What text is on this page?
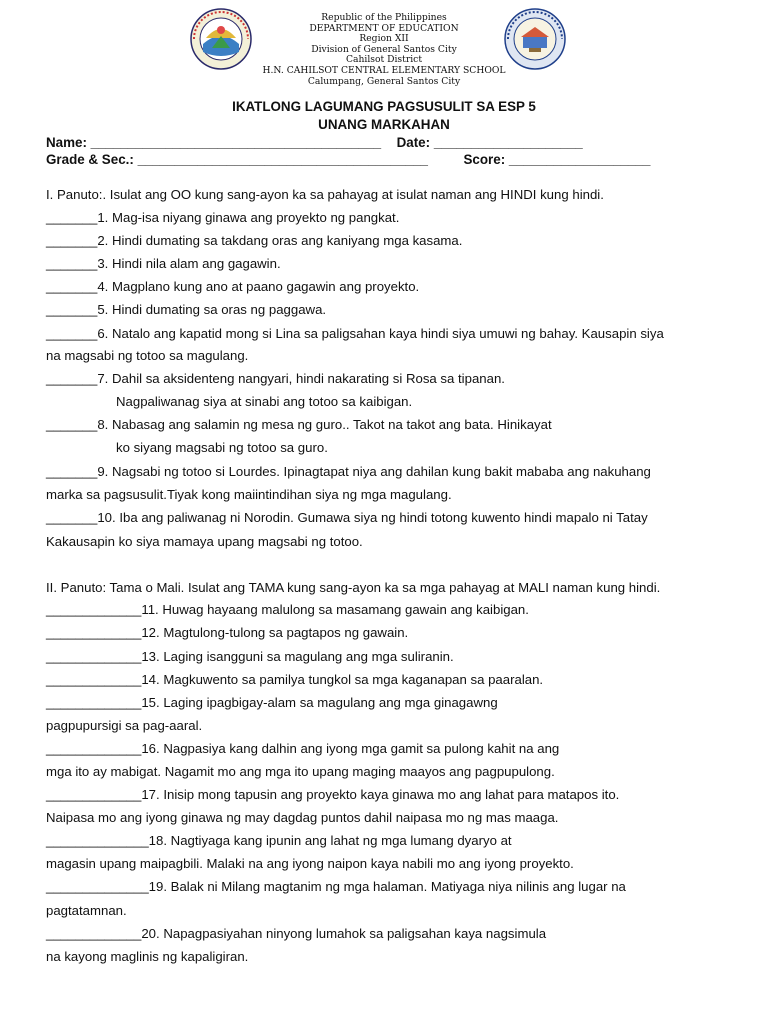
Republic of the Philippines
DEPARTMENT OF EDUCATION
Region XII
Division of General Santos City
Cahilsot District
H.N. CAHILSOT CENTRAL ELEMENTARY SCHOOL
Calumpang, General Santos City
IKATLONG LAGUMANG PAGSUSULIT SA ESP 5
UNANG MARKAHAN
Name: _______________________________________ Date: ____________________
Grade & Sec.: _______________________________________	Score: ___________________
I. Panuto:. Isulat ang OO kung sang-ayon ka sa pahayag at isulat naman ang HINDI kung hindi.
_______1. Mag-isa niyang ginawa ang proyekto ng pangkat.
_______2. Hindi dumating sa takdang oras ang kaniyang mga kasama.
_______3. Hindi nila alam ang gagawin.
_______4. Magplano kung ano at paano gagawin ang proyekto.
_______5. Hindi dumating sa oras ng paggawa.
_______6. Natalo ang kapatid mong si Lina sa paligsahan kaya hindi siya umuwi ng bahay. Kausapin siya
na magsabi ng totoo sa magulang.
_______7. Dahil sa aksidenteng nangyari, hindi nakarating si Rosa sa tipanan.
Nagpaliwanag siya at sinabi ang totoo sa kaibigan.
_______8. Nabasag ang salamin ng mesa ng guro.. Takot na takot ang bata. Hinikayat
ko siyang magsabi ng totoo sa guro.
_______9. Nagsabi ng totoo si Lourdes. Ipinagtapat niya ang dahilan kung bakit mababa ang nakuhang
marka sa pagsusulit.Tiyak kong maiintindihan siya ng mga magulang.
_______10. Iba ang paliwanag ni Norodin. Gumawa siya ng hindi totong kuwento hindi mapalo ni Tatay
Kakausapin ko siya mamaya upang magsabi ng totoo.
II. Panuto: Tama o Mali. Isulat ang TAMA kung sang-ayon ka sa mga pahayag at MALI naman kung hindi.
_____________11. Huwag hayaang malulong sa masamang gawain ang kaibigan.
_____________12. Magtulong-tulong sa pagtapos ng gawain.
_____________13. Laging isangguni sa magulang ang mga suliranin.
_____________14. Magkuwento sa pamilya tungkol sa mga kaganapan sa paaralan.
_____________15. Laging ipagbigay-alam sa magulang ang mga ginagawng
pagpupursigi sa pag-aaral.
_____________16. Nagpasiya kang dalhin ang iyong mga gamit sa pulong kahit na ang
mga ito ay mabigat. Nagamit mo ang mga ito upang maging maayos ang pagpupulong.
_____________17. Inisip mong tapusin ang proyekto kaya ginawa mo ang lahat para matapos ito.
Naipasa mo ang iyong ginawa ng may dagdag puntos dahil naipasa mo ng mas maaga.
______________18. Nagtiyaga kang ipunin ang lahat ng mga lumang dyaryo at
magasin upang maipagbili. Malaki na ang iyong naipon kaya nabili mo ang iyong proyekto.
______________19. Balak ni Milang magtanim ng mga halaman. Matiyaga niya nilinis ang lugar na
pagtatamnan.
_____________20. Napagpasiyahan ninyong lumahok sa paligsahan kaya nagsimula
na kayong maglinis ng kapaligiran.
